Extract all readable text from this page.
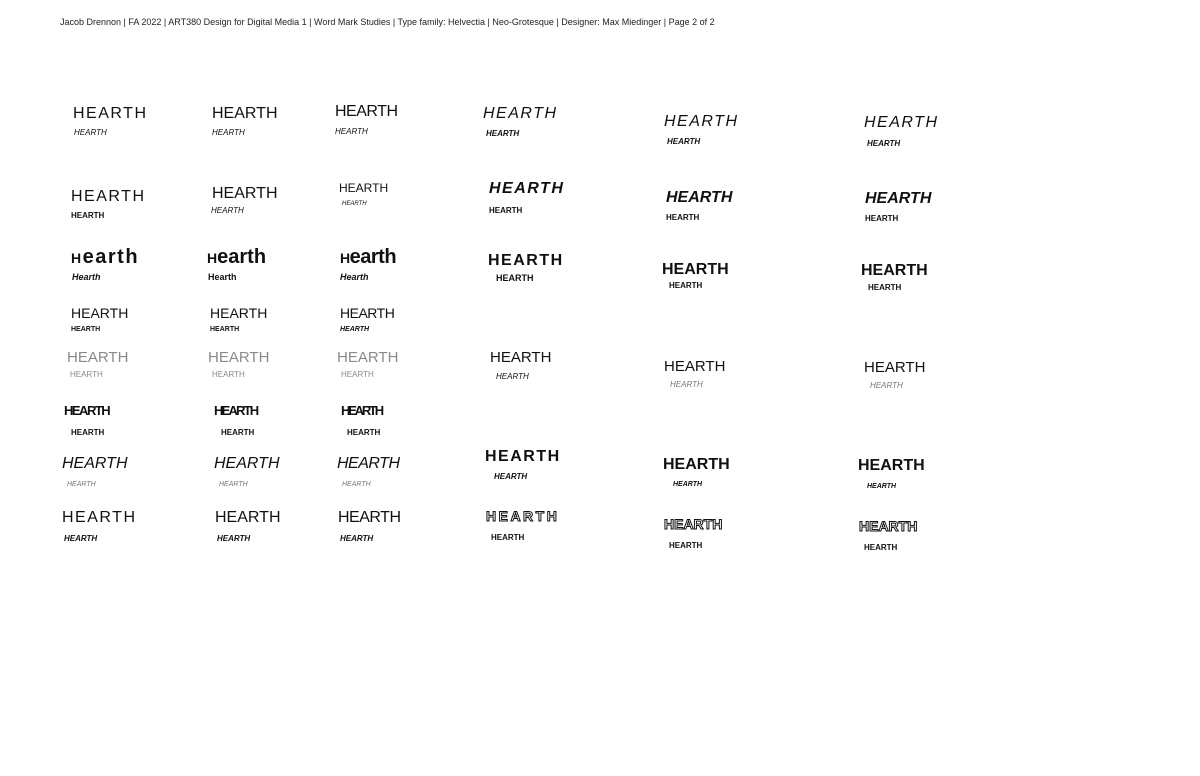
Jacob Drennon | FA 2022 | ART380 Design for Digital Media 1 | Word Mark Studies | Type family: Helvectia | Neo-Grotesque | Designer: Max Miedinger | Page 2 of 2
HEARTH
HEARTH
HEARTH
HEARTH
HEARTH
HEARTH
HEARTH
HEARTH
HEARTH
HEARTH
HEARTH
HEARTH
HEARTH
HEARTH
HEARTH
HEARTH
HEARTH
HEARTH
HEARTH
HEARTH
HEARTH
HEARTH
HEARTH
HEARTH
Hearth
Hearth
Hearth
Hearth
Hearth
Hearth
HEARTH
HEARTH	HEARTH
HEARTH
HEARTH
HEARTH
HEARTH
HEARTH
HEARTH
HEARTH
HEARTH
HEARTH
HEARTH
HEARTH
HEARTH
HEARTH
HEARTH
HEARTH
HEARTH
HEARTH
HEARTH
HEARTH
HEARTH
HEARTH
HEARTH
HEARTH
HEARTH
HEARTH
HEARTH
HEARTH
HEARTH
HEARTH
HEARTH
HEARTH
HEARTH
HEARTH
HEARTH
HEARTH
HEARTH
HEARTH
HEARTH
HEARTH
HEARTH
HEARTH
HEARTH
HEARTH
HEARTH
HEARTH
HEARTH
HEARTH
HEARTH
HEARTH
HEARTH
HEARTH
